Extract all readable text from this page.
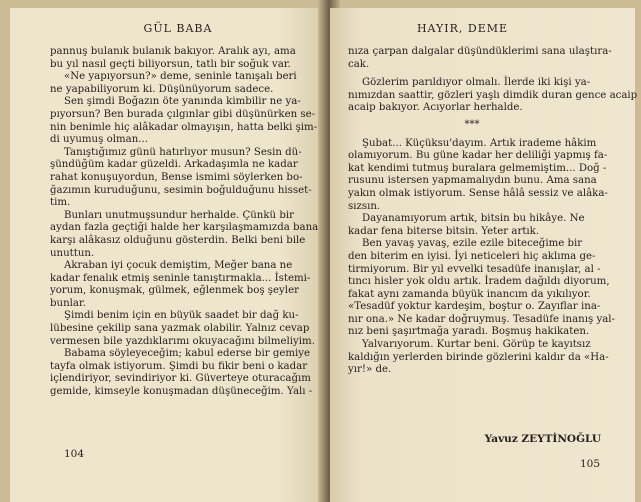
GÜL BABA
pannuş bulanık bulanık bakıyor. Aralık ayı, ama
bu yıl nasıl geçti biliyorsun, tatlı bir soğuk var.
«Ne yapıyorsun?» deme, seninle tanışalı beri
ne yapabiliyorum ki. Düşünüyorum sadece.
Sen şimdi Boğazın öte yanında kimbilir ne ya-
pıyorsun? Ben burada çılgınlar gibi düşünürken se-
nin benimle hiç alâkadar olmayışın, hatta belki şim-
di uyumuş olman...
Tanıştığımız günü hatırlıyor musun? Sesin dü-
şündüğüm kadar güzeldi. Arkadaşımla ne kadar
rahat konuşuyordun, Bense ismimi söylerken bo-
ğazımın kuruduğunu, sesimin boğulduğunu hisset-
tim.
Bunları unutmuşsundur herhalde. Çünkü bir
aydan fazla geçtiği halde her karşılaşmamızda bana
karşı alâkasız olduğunu gösterdin. Belki beni bile
unuttun.
Akraban iyi çocuk demiştim, Meğer bana ne
kadar fenalık etmiş seninle tanıştırmakla... İstemi-
yorum, konuşmak, gülmek, eğlenmek boş şeyler
bunlar.
Şimdi benim için en büyük saadet bir dağ ku-
lübesine çekilip sana yazmak olabilir. Yalnız cevap
vermesen bile yazdıklarımı okuyacağını bilmeliyim.
Babama söyleyeceğim; kabul ederse bir gemiye
tayfa olmak istiyorum. Şimdi bu fikir beni o kadar
içlendiriyor, sevindiriyor ki. Güverteye oturacağım
gemide, kimseyle konuşmadan düşüneceğim. Yalı -
104
HAYIR, DEME
nıza çarpan dalgalar düşündüklerimi sana ulaştıra-
cak.
Gözlerim parıldıyor olmalı. İlerde iki kişi ya-
nımızdan saattir, gözleri yaşlı dimdik duran gence acaip
acaip bakıyor. Acıyorlar herhalde.
***
Şubat... Küçüksu'dayım. Artık irademe hâkim
olamıyorum. Bu güne kadar her deliliği yapmış fa-
kat kendimi tutmuş buralara gelmemiştim... Doğ -
rusunu istersen yapmamalıydın bunu. Ama sana
yakın olmak istiyorum. Sense hâlâ sessiz ve alâka-
sızsın.
Dayanamıyorum artık, bitsin bu hikâye. Ne
kadar fena biterse bitsin. Yeter artık.
Ben yavaş yavaş, ezile ezile biteceğime bir
den biterim en iyisi. İyi neticeleri hiç aklıma ge-
tirmiyorum. Bir yıl evvelki tesadüfe inanışlar, al -
tıncı hisler yok oldu artık. İradem dağıldı diyorum,
fakat aynı zamanda büyük inancım da yıkılıyor.
«Tesadüf yoktur kardeşim, boştur o. Zayıflar ina-
nır ona.» Ne kadar doğruymuş. Tesadüfe inanış yal-
nız beni şaşırtmağa yaradı. Boşmuş hakikaten.
Yalvarıyorum. Kurtar beni. Görüp te kayıtsız
kaldığın yerlerden birinde gözlerini kaldır da «Ha-
yır!» de.
Yavuz ZEYTİNOĞLU
105
